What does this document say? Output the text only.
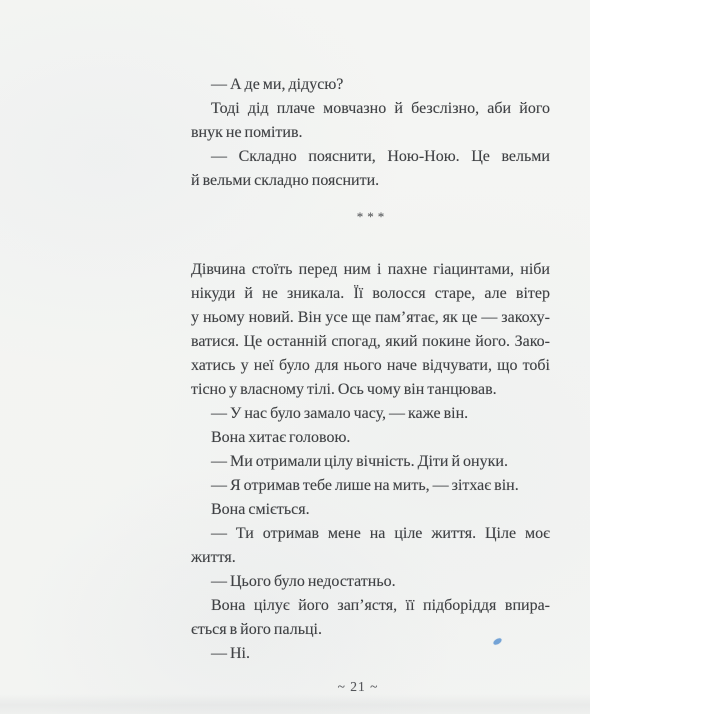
— А де ми, дідусю?
Тоді дід плаче мовчазно й безслізно, аби його
внук не помітив.
— Складно пояснити, Ною-Ною. Це вельми
й вельми складно пояснити.
***
Дівчина стоїть перед ним і пахне гіацинтами, ніби
нікуди й не зникала. Її волосся старе, але вітер
у ньому новий. Він усе ще пам’ятає, як це — закоху-
ватися. Це останній спогад, який покине його. Зако-
хатись у неї було для нього наче відчувати, що тобі
тісно у власному тілі. Ось чому він танцював.
— У нас було замало часу, — каже він.
Вона хитає головою.
— Ми отримали цілу вічність. Діти й онуки.
— Я отримав тебе лише на мить, — зітхає він.
Вона сміється.
— Ти отримав мене на ціле життя. Ціле моє
життя.
— Цього було недостатньо.
Вона цілує його зап’ястя, її підборіддя впира-
ється в його пальці.
— Ні.
~ 21 ~
